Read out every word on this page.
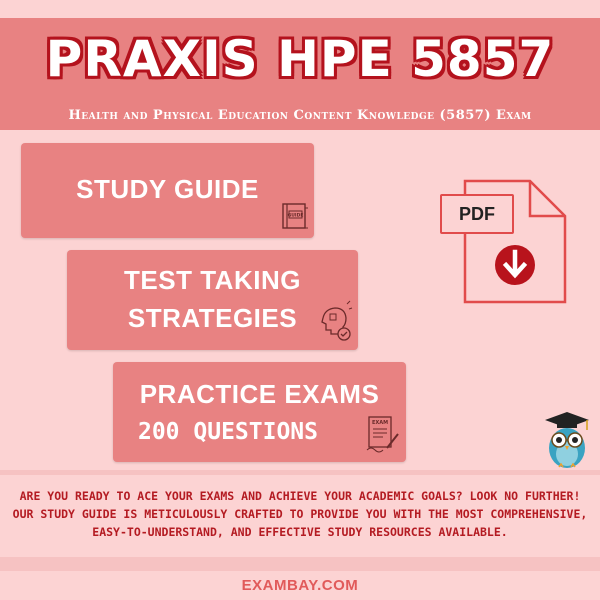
PRAXIS HPE 5857
Health and Physical Education Content Knowledge (5857) Exam
STUDY GUIDE
GUIDE
TEST TAKING
STRATEGIES
PRACTICE EXAMS
200 QUESTIONS	EXAM
PDF
ARE YOU READY TO ACE YOUR EXAMS AND ACHIEVE YOUR ACADEMIC GOALS? LOOK NO FURTHER! OUR STUDY GUIDE IS METICULOUSLY CRAFTED TO PROVIDE YOU WITH THE MOST COMPREHENSIVE, EASY-TO-UNDERSTAND, AND EFFECTIVE STUDY RESOURCES AVAILABLE.
EXAMBAY.COM
